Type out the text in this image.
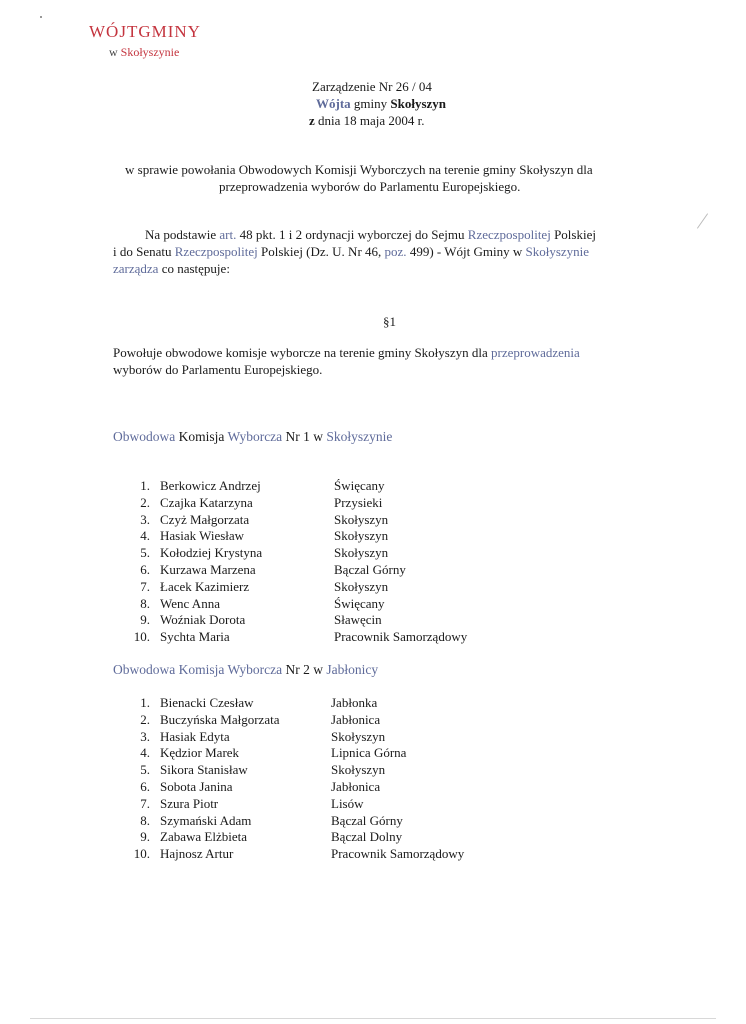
WÓJTGMINY
w Skołyszynie
Zarządzenie Nr 26 / 04
Wójta gminy Skołyszyn
z dnia 18 maja 2004 r.
w sprawie powołania Obwodowych Komisji Wyborczych na terenie gminy Skołyszyn dla
przeprowadzenia wyborów do Parlamentu Europejskiego.
Na podstawie art. 48 pkt. 1 i 2 ordynacji wyborczej do Sejmu Rzeczpospolitej Polskiej
i do Senatu Rzeczpospolitej Polskiej (Dz. U. Nr 46, poz. 499) - Wójt Gminy w Skołyszynie
zarządza co następuje:
§1
Powołuje obwodowe komisje wyborcze na terenie gminy Skołyszyn dla przeprowadzenia
wyborów do Parlamentu Europejskiego.
Obwodowa Komisja Wyborcza Nr 1 w Skołyszynie
1. Berkowicz Andrzej	Święcany
2. Czajka Katarzyna	Przysieki
3. Czyż Małgorzata	Skołyszyn
4. Hasiak Wiesław	Skołyszyn
5. Kołodziej Krystyna	Skołyszyn
6. Kurzawa Marzena	Bączal Górny
7. Łacek Kazimierz	Skołyszyn
8. Wenc Anna	Święcany
9. Woźniak Dorota	Sławęcin
10. Sychta Maria	Pracownik Samorządowy
Obwodowa Komisja Wyborcza Nr 2 w Jabłonicy
1. Bienacki Czesław	Jabłonka
2. Buczyńska Małgorzata	Jabłonica
3. Hasiak Edyta	Skołyszyn
4. Kędzior Marek	Lipnica Górna
5. Sikora Stanisław	Skołyszyn
6. Sobota Janina	Jabłonica
7. Szura Piotr	Lisów
8. Szymański Adam	Bączal Górny
9. Zabawa Elżbieta	Bączal Dolny
10. Hajnosz Artur	Pracownik Samorządowy
